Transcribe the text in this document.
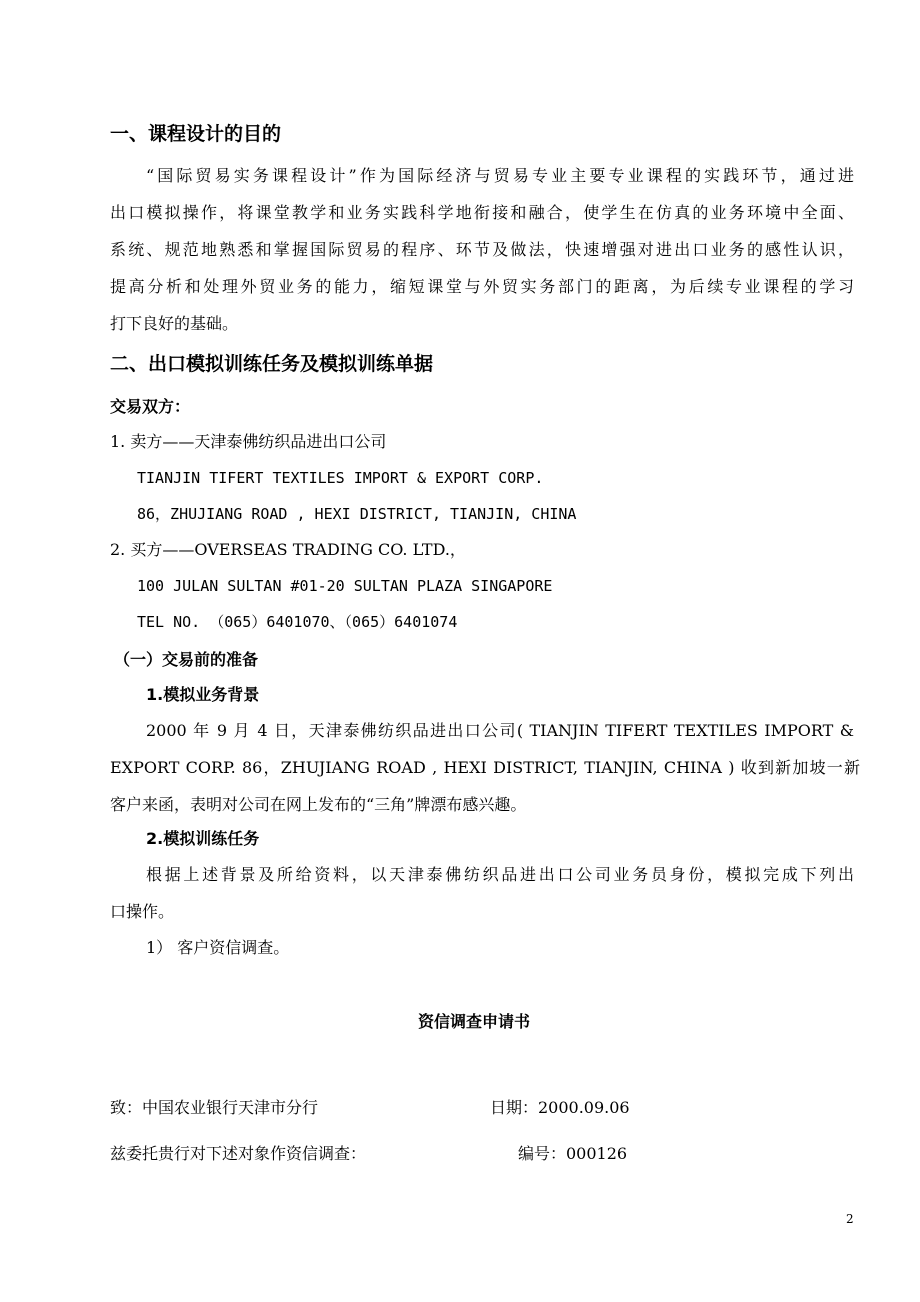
一、课程设计的目的
“国际贸易实务课程设计”作为国际经济与贸易专业主要专业课程的实践环节，通过进
出口模拟操作，将课堂教学和业务实践科学地衔接和融合，使学生在仿真的业务环境中全面、
系统、规范地熟悉和掌握国际贸易的程序、环节及做法，快速增强对进出口业务的感性认识，
提高分析和处理外贸业务的能力，缩短课堂与外贸实务部门的距离，为后续专业课程的学习
打下良好的基础。
二、出口模拟训练任务及模拟训练单据
交易双方：
1. 卖方——天津泰佛纺织品进出口公司
TIANJIN TIFERT TEXTILES IMPORT & EXPORT CORP.
86，ZHUJIANG ROAD , HEXI DISTRICT, TIANJIN, CHINA
2. 买方——OVERSEAS TRADING CO. LTD.，
100 JULAN SULTAN #01-20 SULTAN PLAZA SINGAPORE
TEL NO. （065）6401070、（065）6401074
（一）交易前的准备
1.模拟业务背景
2000 年 9 月 4 日，天津泰佛纺织品进出口公司( TIANJIN TIFERT TEXTILES IMPORT &
EXPORT CORP. 86，ZHUJIANG ROAD , HEXI DISTRICT, TIANJIN, CHINA ) 收到新加坡一新
客户来函，表明对公司在网上发布的“三角”牌漂布感兴趣。
2.模拟训练任务
根据上述背景及所给资料，以天津泰佛纺织品进出口公司业务员身份，模拟完成下列出
口操作。
1） 客户资信调查。
资信调查申请书
致：中国农业银行天津市分行	日期：2000.09.06
兹委托贵行对下述对象作资信调查：	编号：000126
2
